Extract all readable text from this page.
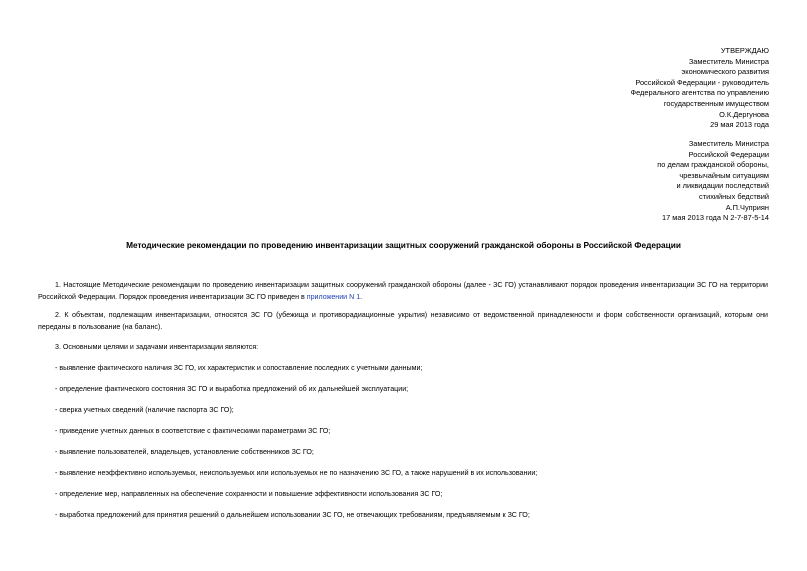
УТВЕРЖДАЮ
Заместитель Министра
экономического развития
Российской Федерации - руководитель
Федерального агентства по управлению
государственным имуществом
О.К.Дергунова
29 мая 2013 года
Заместитель Министра
Российской Федерации
по делам гражданской обороны,
чрезвычайным ситуациям
и ликвидации последствий
стихийных бедствий
А.П.Чуприян
17 мая 2013 года N 2-7-87-5-14
Методические рекомендации по проведению инвентаризации защитных сооружений гражданской обороны в Российской Федерации
1. Настоящие Методические рекомендации по проведению инвентаризации защитных сооружений гражданской обороны (далее - ЗС ГО) устанавливают порядок проведения инвентаризации ЗС ГО на территории Российской Федерации. Порядок проведения инвентаризации ЗС ГО приведен в приложении N 1.
2. К объектам, подлежащим инвентаризации, относятся ЗС ГО (убежища и противорадиационные укрытия) независимо от ведомственной принадлежности и форм собственности организаций, которым они переданы в пользование (на баланс).
3. Основными целями и задачами инвентаризации являются:
- выявление фактического наличия ЗС ГО, их характеристик и сопоставление последних с учетными данными;
- определение фактического состояния ЗС ГО и выработка предложений об их дальнейшей эксплуатации;
- сверка учетных сведений (наличие паспорта ЗС ГО);
- приведение учетных данных в соответствие с фактическими параметрами ЗС ГО;
- выявление пользователей, владельцев, установление собственников ЗС ГО;
- выявление неэффективно используемых, неиспользуемых или используемых не по назначению ЗС ГО, а также нарушений в их использовании;
- определение мер, направленных на обеспечение сохранности и повышение эффективности использования ЗС ГО;
- выработка предложений для принятия решений о дальнейшем использовании ЗС ГО, не отвечающих требованиям, предъявляемым к ЗС ГО;
